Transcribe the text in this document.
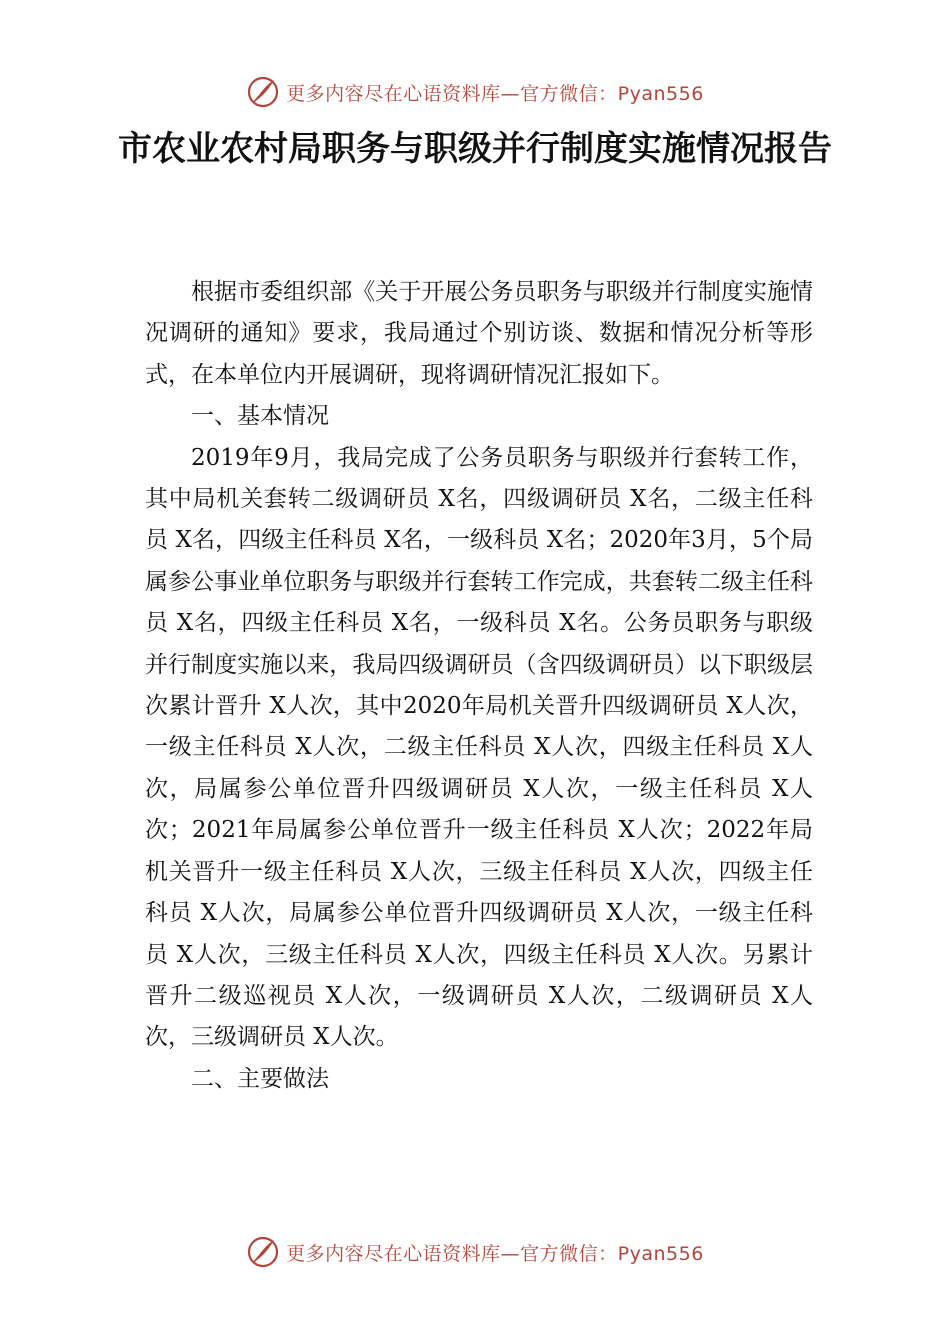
更多内容尽在心语资料库—官方微信：Pyan556
市农业农村局职务与职级并行制度实施情况报告

根据市委组织部《关于开展公务员职务与职级并行制度实施情况调研的通知》要求，我局通过个别访谈、数据和情况分析等形式，在本单位内开展调研，现将调研情况汇报如下。

一、基本情况

2019年9月，我局完成了公务员职务与职级并行套转工作，其中局机关套转二级调研员 X名，四级调研员 X名，二级主任科员 X名，四级主任科员 X名，一级科员 X名；2020年3月，5个局属参公事业单位职务与职级并行套转工作完成，共套转二级主任科员 X名，四级主任科员 X名，一级科员 X名。公务员职务与职级并行制度实施以来，我局四级调研员（含四级调研员）以下职级层次累计晋升 X人次，其中2020年局机关晋升四级调研员 X人次，一级主任科员 X人次，二级主任科员 X人次，四级主任科员 X人次，局属参公单位晋升四级调研员 X人次，一级主任科员 X人次；2021年局属参公单位晋升一级主任科员 X人次；2022年局机关晋升一级主任科员 X人次，三级主任科员 X人次，四级主任科员 X人次，局属参公单位晋升四级调研员 X人次，一级主任科员 X人次，三级主任科员 X人次，四级主任科员 X人次。另累计晋升二级巡视员 X人次，一级调研员 X人次，二级调研员 X人次，三级调研员 X人次。

二、主要做法

更多内容尽在心语资料库—官方微信：Pyan556
